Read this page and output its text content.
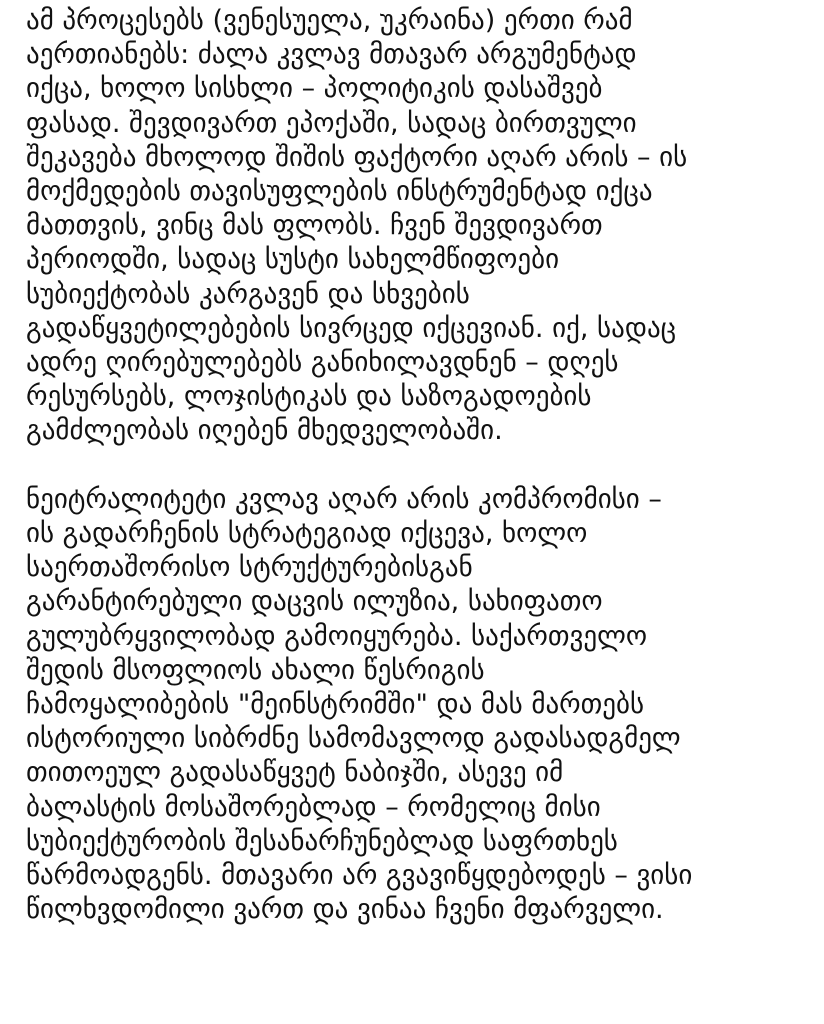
ამ პროცესებს (ვენესუელა, უკრაინა) ერთი რამ
აერთიანებს: ძალა კვლავ მთავარ არგუმენტად
იქცა, ხოლო სისხლი – პოლიტიკის დასაშვებ
ფასად. შევდივართ ეპოქაში, სადაც ბირთვული
შეკავება მხოლოდ შიშის ფაქტორი აღარ არის – ის
მოქმედების თავისუფლების ინსტრუმენტად იქცა
მათთვის, ვინც მას ფლობს. ჩვენ შევდივართ
პერიოდში, სადაც სუსტი სახელმწიფოები
სუბიექტობას კარგავენ და სხვების
გადაწყვეტილებების სივრცედ იქცევიან. იქ, სადაც
ადრე ღირებულებებს განიხილავდნენ – დღეს
რესურსებს, ლოჯისტიკას და საზოგადოების
გამძლეობას იღებენ მხედველობაში.
ნეიტრალიტეტი კვლავ აღარ არის კომპრომისი –
ის გადარჩენის სტრატეგიად იქცევა, ხოლო
საერთაშორისო სტრუქტურებისგან
გარანტირებული დაცვის ილუზია, სახიფათო
გულუბრყვილობად გამოიყურება. საქართველო
შედის მსოფლიოს ახალი წესრიგის
ჩამოყალიბების "მეინსტრიმში" და მას მართებს
ისტორიული სიბრძნე სამომავლოდ გადასადგმელ
თითოეულ გადასაწყვეტ ნაბიჯში, ასევე იმ
ბალასტის მოსაშორებლად – რომელიც მისი
სუბიექტურობის შესანარჩუნებლად საფრთხეს
წარმოადგენს. მთავარი არ გვავიწყდებოდეს – ვისი
წილხვდომილი ვართ და ვინაა ჩვენი მფარველი.
